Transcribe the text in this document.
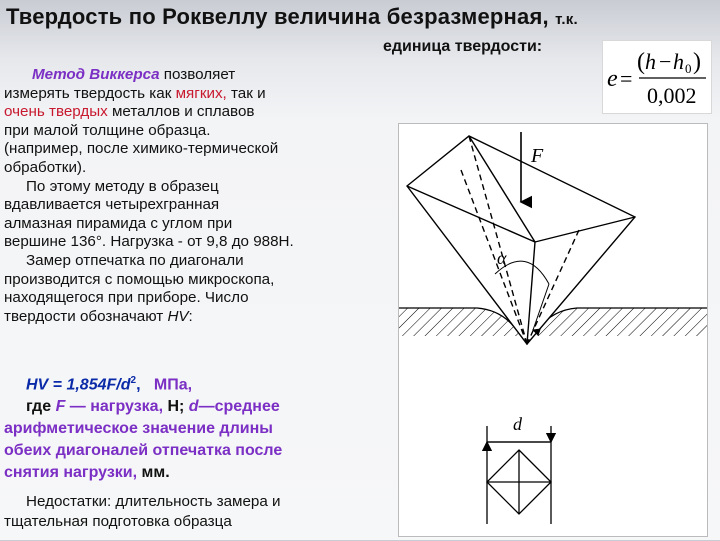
Твердость по Роквеллу величина безразмерная, т.к.
единица твердости:
e =
( h − h 0 )
0,002
Метод Виккерса позволяет
измерять твердость как мягких, так и
очень твердых металлов и сплавов
при малой толщине образца.
(например, после химико-термической
обработки).
По этому методу в образец
вдавливается четырехгранная
алмазная пирамида с углом при
вершине 136°. Нагрузка - от 9,8 до 988Н.
Замер отпечатка по диагонали
производится с помощью микроскопа,
находящегося при приборе. Число
твердости обозначают HV:
HV = $1,854F/d^2$, МПа,
где F — нагрузка, Н; d—среднее
арифметическое значение длины
обеих диагоналей отпечатка после
снятия нагрузки, мм.
Недостатки: длительность замера и
тщательная подготовка образца
F
α
d
